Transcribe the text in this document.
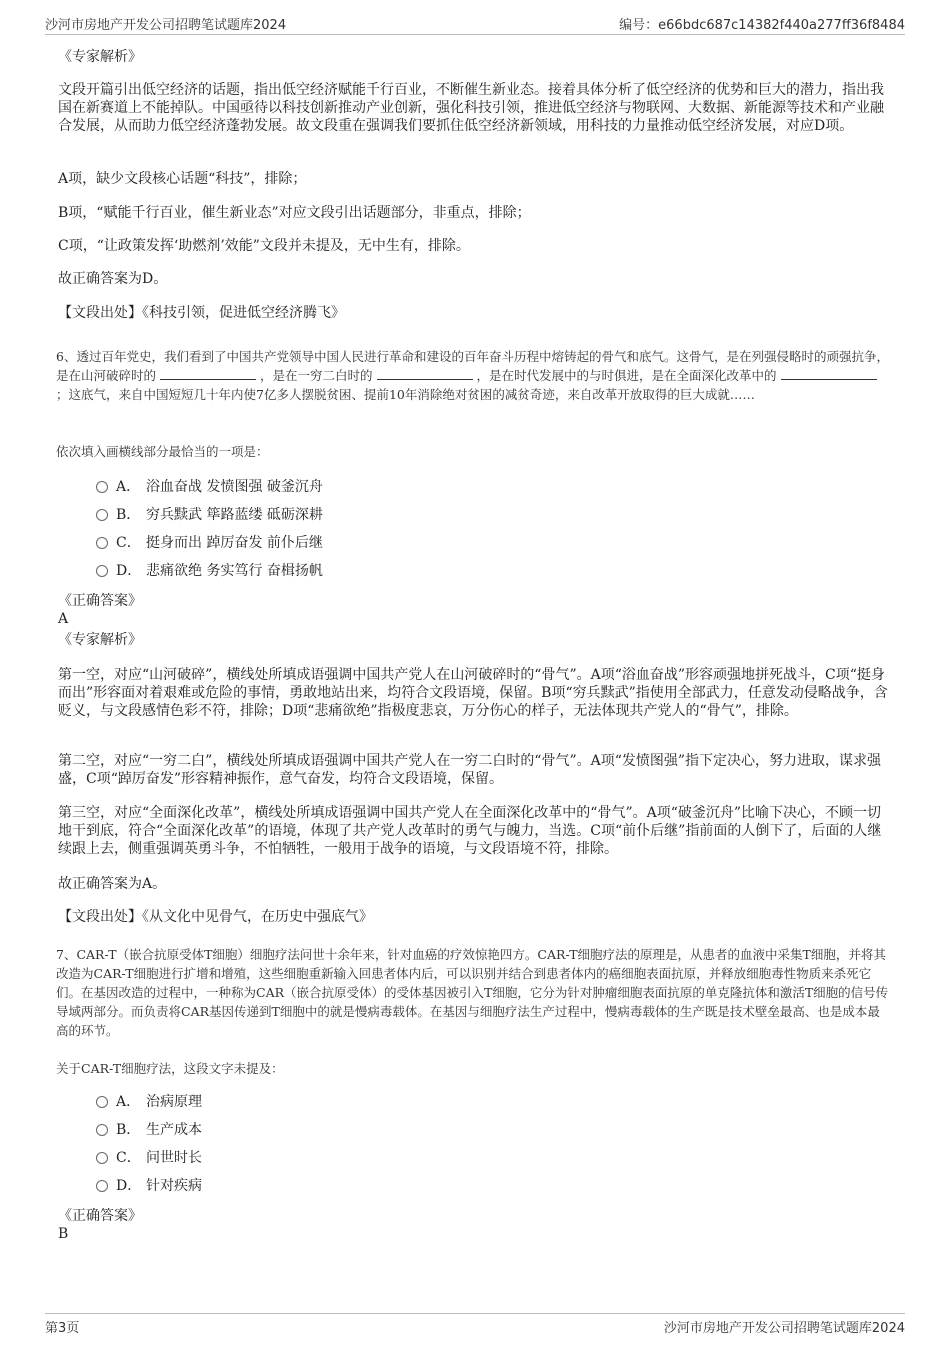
沙河市房地产开发公司招聘笔试题库2024	编号：e66bdc687c14382f440a277ff36f8484
《专家解析》

文段开篇引出低空经济的话题，指出低空经济赋能千行百业，不断催生新业态。接着具体分析了低空经济的优势和巨大的潜力，指出我国在新赛道上不能掉队。中国亟待以科技创新推动产业创新，强化科技引领，推进低空经济与物联网、大数据、新能源等技术和产业融合发展，从而助力低空经济蓬勃发展。故文段重在强调我们要抓住低空经济新领域，用科技的力量推动低空经济发展，对应D项。

A项，缺少文段核心话题“科技”，排除；

B项，“赋能千行百业，催生新业态”对应文段引出话题部分，非重点，排除；

C项，“让政策发挥‘助燃剂’效能”文段并未提及，无中生有，排除。

故正确答案为D。

【文段出处】《科技引领，促进低空经济腾飞》

6、透过百年党史，我们看到了中国共产党领导中国人民进行革命和建设的百年奋斗历程中熔铸起的骨气和底气。这骨气，是在列强侵略时的顽强抗争，是在山河破碎时的	，是在一穷二白时的	，是在时代发展中的与时俱进，是在全面深化改革中的；这底气，来自中国短短几十年内使7亿多人摆脱贫困、提前10年消除绝对贫困的减贫奇迹，来自改革开放取得的巨大成就……

依次填入画横线部分最恰当的一项是：

A． 浴血奋战 发愤图强 破釜沉舟
B． 穷兵黩武 筚路蓝缕 砥砺深耕
C． 挺身而出 踔厉奋发 前仆后继
D． 悲痛欲绝 务实笃行 奋楫扬帆
《正确答案》
A
《专家解析》

第一空，对应“山河破碎”，横线处所填成语强调中国共产党人在山河破碎时的“骨气”。A项“浴血奋战”形容顽强地拼死战斗，C项“挺身而出”形容面对着艰难或危险的事情，勇敢地站出来，均符合文段语境，保留。B项“穷兵黩武”指使用全部武力，任意发动侵略战争，含贬义，与文段感情色彩不符，排除；D项“悲痛欲绝”指极度悲哀，万分伤心的样子，无法体现共产党人的“骨气”，排除。

第二空，对应“一穷二白”，横线处所填成语强调中国共产党人在一穷二白时的“骨气”。A项“发愤图强”指下定决心，努力进取，谋求强盛，C项“踔厉奋发”形容精神振作，意气奋发，均符合文段语境，保留。

第三空，对应“全面深化改革”，横线处所填成语强调中国共产党人在全面深化改革中的“骨气”。A项“破釜沉舟”比喻下决心，不顾一切地干到底，符合“全面深化改革”的语境，体现了共产党人改革时的勇气与魄力，当选。C项“前仆后继”指前面的人倒下了，后面的人继续跟上去，侧重强调英勇斗争，不怕牺牲，一般用于战争的语境，与文段语境不符，排除。

故正确答案为A。

【文段出处】《从文化中见骨气，在历史中强底气》

7、CAR-T（嵌合抗原受体T细胞）细胞疗法问世十余年来，针对血癌的疗效惊艳四方。CAR-T细胞疗法的原理是，从患者的血液中采集T细胞，并将其改造为CAR-T细胞进行扩增和增殖，这些细胞重新输入回患者体内后，可以识别并结合到患者体内的癌细胞表面抗原，并释放细胞毒性物质来杀死它们。在基因改造的过程中，一种称为CAR（嵌合抗原受体）的受体基因被引入T细胞，它分为针对肿瘤细胞表面抗原的单克隆抗体和激活T细胞的信号传导域两部分。而负责将CAR基因传递到T细胞中的就是慢病毒载体。在基因与细胞疗法生产过程中，慢病毒载体的生产既是技术壁垒最高、也是成本最高的环节。

关于CAR-T细胞疗法，这段文字未提及：

A． 治病原理
B． 生产成本
C． 问世时长
D． 针对疾病
《正确答案》
B
第3页	沙河市房地产开发公司招聘笔试题库2024
